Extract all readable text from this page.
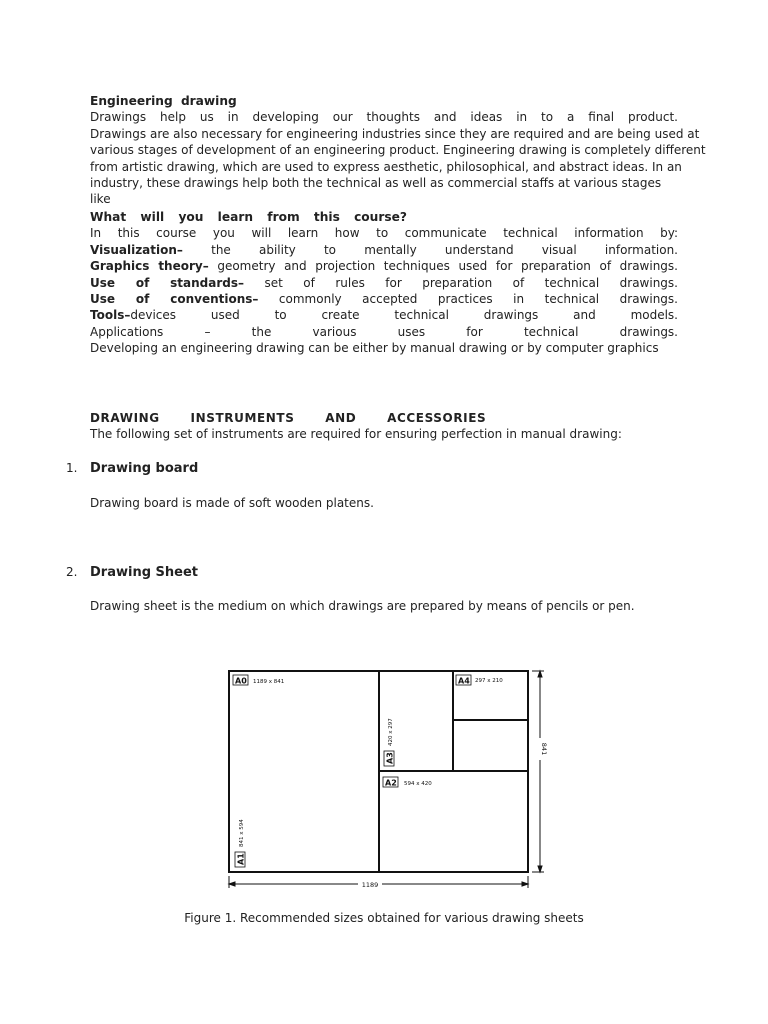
Engineering drawing
Drawings help us in developing our thoughts and ideas in to a final product.
Drawings are also necessary for engineering industries since they are required and are being used at
various stages of development of an engineering product. Engineering drawing is completely different
from artistic drawing, which are used to express aesthetic, philosophical, and abstract ideas. In an
industry, these drawings help both the technical as well as commercial staffs at various stages like
What will you learn from this course?
In this course you will learn how to communicate technical information by:
Visualization– the ability to mentally understand visual information.
Graphics theory– geometry and projection techniques used for preparation of drawings.
Use of standards– set of rules for preparation of technical drawings.
Use of conventions– commonly accepted practices in technical drawings.
Tools–devices used to create technical drawings and models.
Applications – the various uses for technical drawings.
Developing an engineering drawing can be either by manual drawing or by computer graphics
DRAWING INSTRUMENTS AND ACCESSORIES
The following set of instruments are required for ensuring perfection in manual drawing:
1. Drawing board
Drawing board is made of soft wooden platens.
2. Drawing Sheet
Drawing sheet is the medium on which drawings are prepared by means of pencils or pen.
1189
841
A0 1189 x 841
A1
841 x 594
A2 594 x 420
A3
420 x 297
A4 297 x 210
Figure 1. Recommended sizes obtained for various drawing sheets
